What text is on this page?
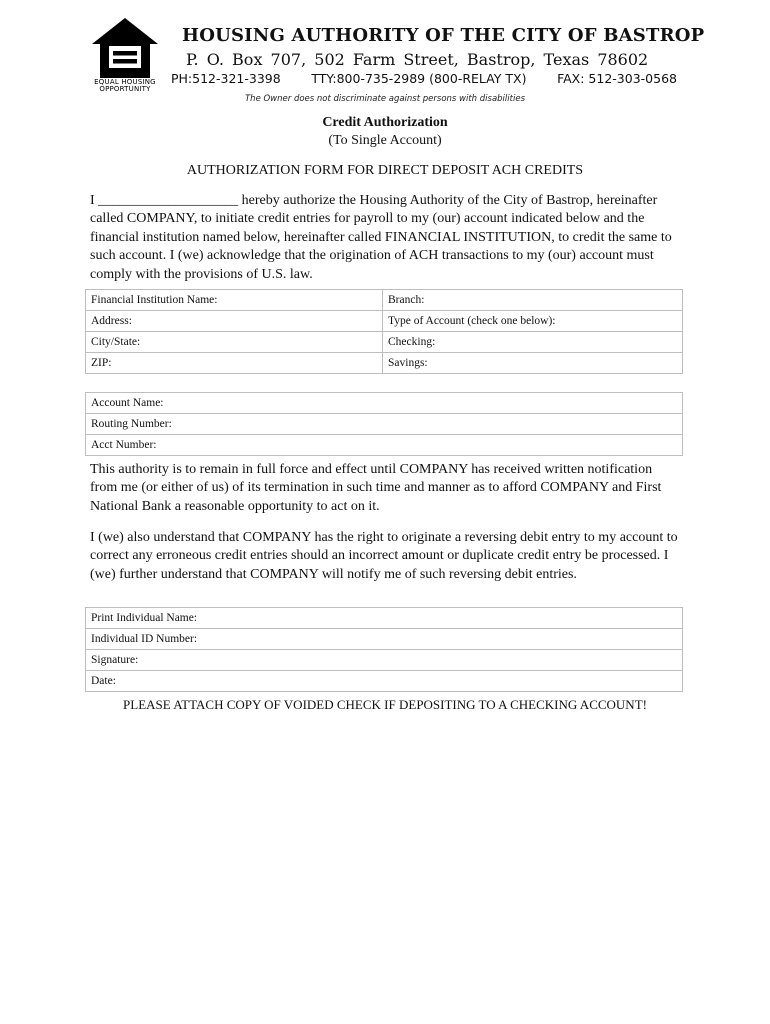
EQUAL HOUSING OPPORTUNITY
HOUSING AUTHORITY OF THE CITY OF BASTROP
P. O. Box 707, 502 Farm Street, Bastrop, Texas 78602
PH:512-321-3398 TTY:800-735-2989 (800-RELAY TX) FAX: 512-303-0568
The Owner does not discriminate against persons with disabilities
Credit Authorization
(To Single Account)
AUTHORIZATION FORM FOR DIRECT DEPOSIT ACH CREDITS

I ____________________ hereby authorize the Housing Authority of the City of Bastrop, hereinafter called COMPANY, to initiate credit entries for payroll to my (our) account indicated below and the financial institution named below, hereinafter called FINANCIAL INSTITUTION, to credit the same to such account. I (we) acknowledge that the origination of ACH transactions to my (our) account must comply with the provisions of U.S. law.

Financial Institution Name:	Branch:
Address:	Type of Account (check one below):
City/State:	Checking:
ZIP:	Savings:
Account Name:
Routing Number:
Acct Number:

This authority is to remain in full force and effect until COMPANY has received written notification from me (or either of us) of its termination in such time and manner as to afford COMPANY and First National Bank a reasonable opportunity to act on it.

I (we) also understand that COMPANY has the right to originate a reversing debit entry to my account to correct any erroneous credit entries should an incorrect amount or duplicate credit entry be processed. I (we) further understand that COMPANY will notify me of such reversing debit entries.

Print Individual Name:
Individual ID Number:
Signature:
Date:
PLEASE ATTACH COPY OF VOIDED CHECK IF DEPOSITING TO A CHECKING ACCOUNT!
